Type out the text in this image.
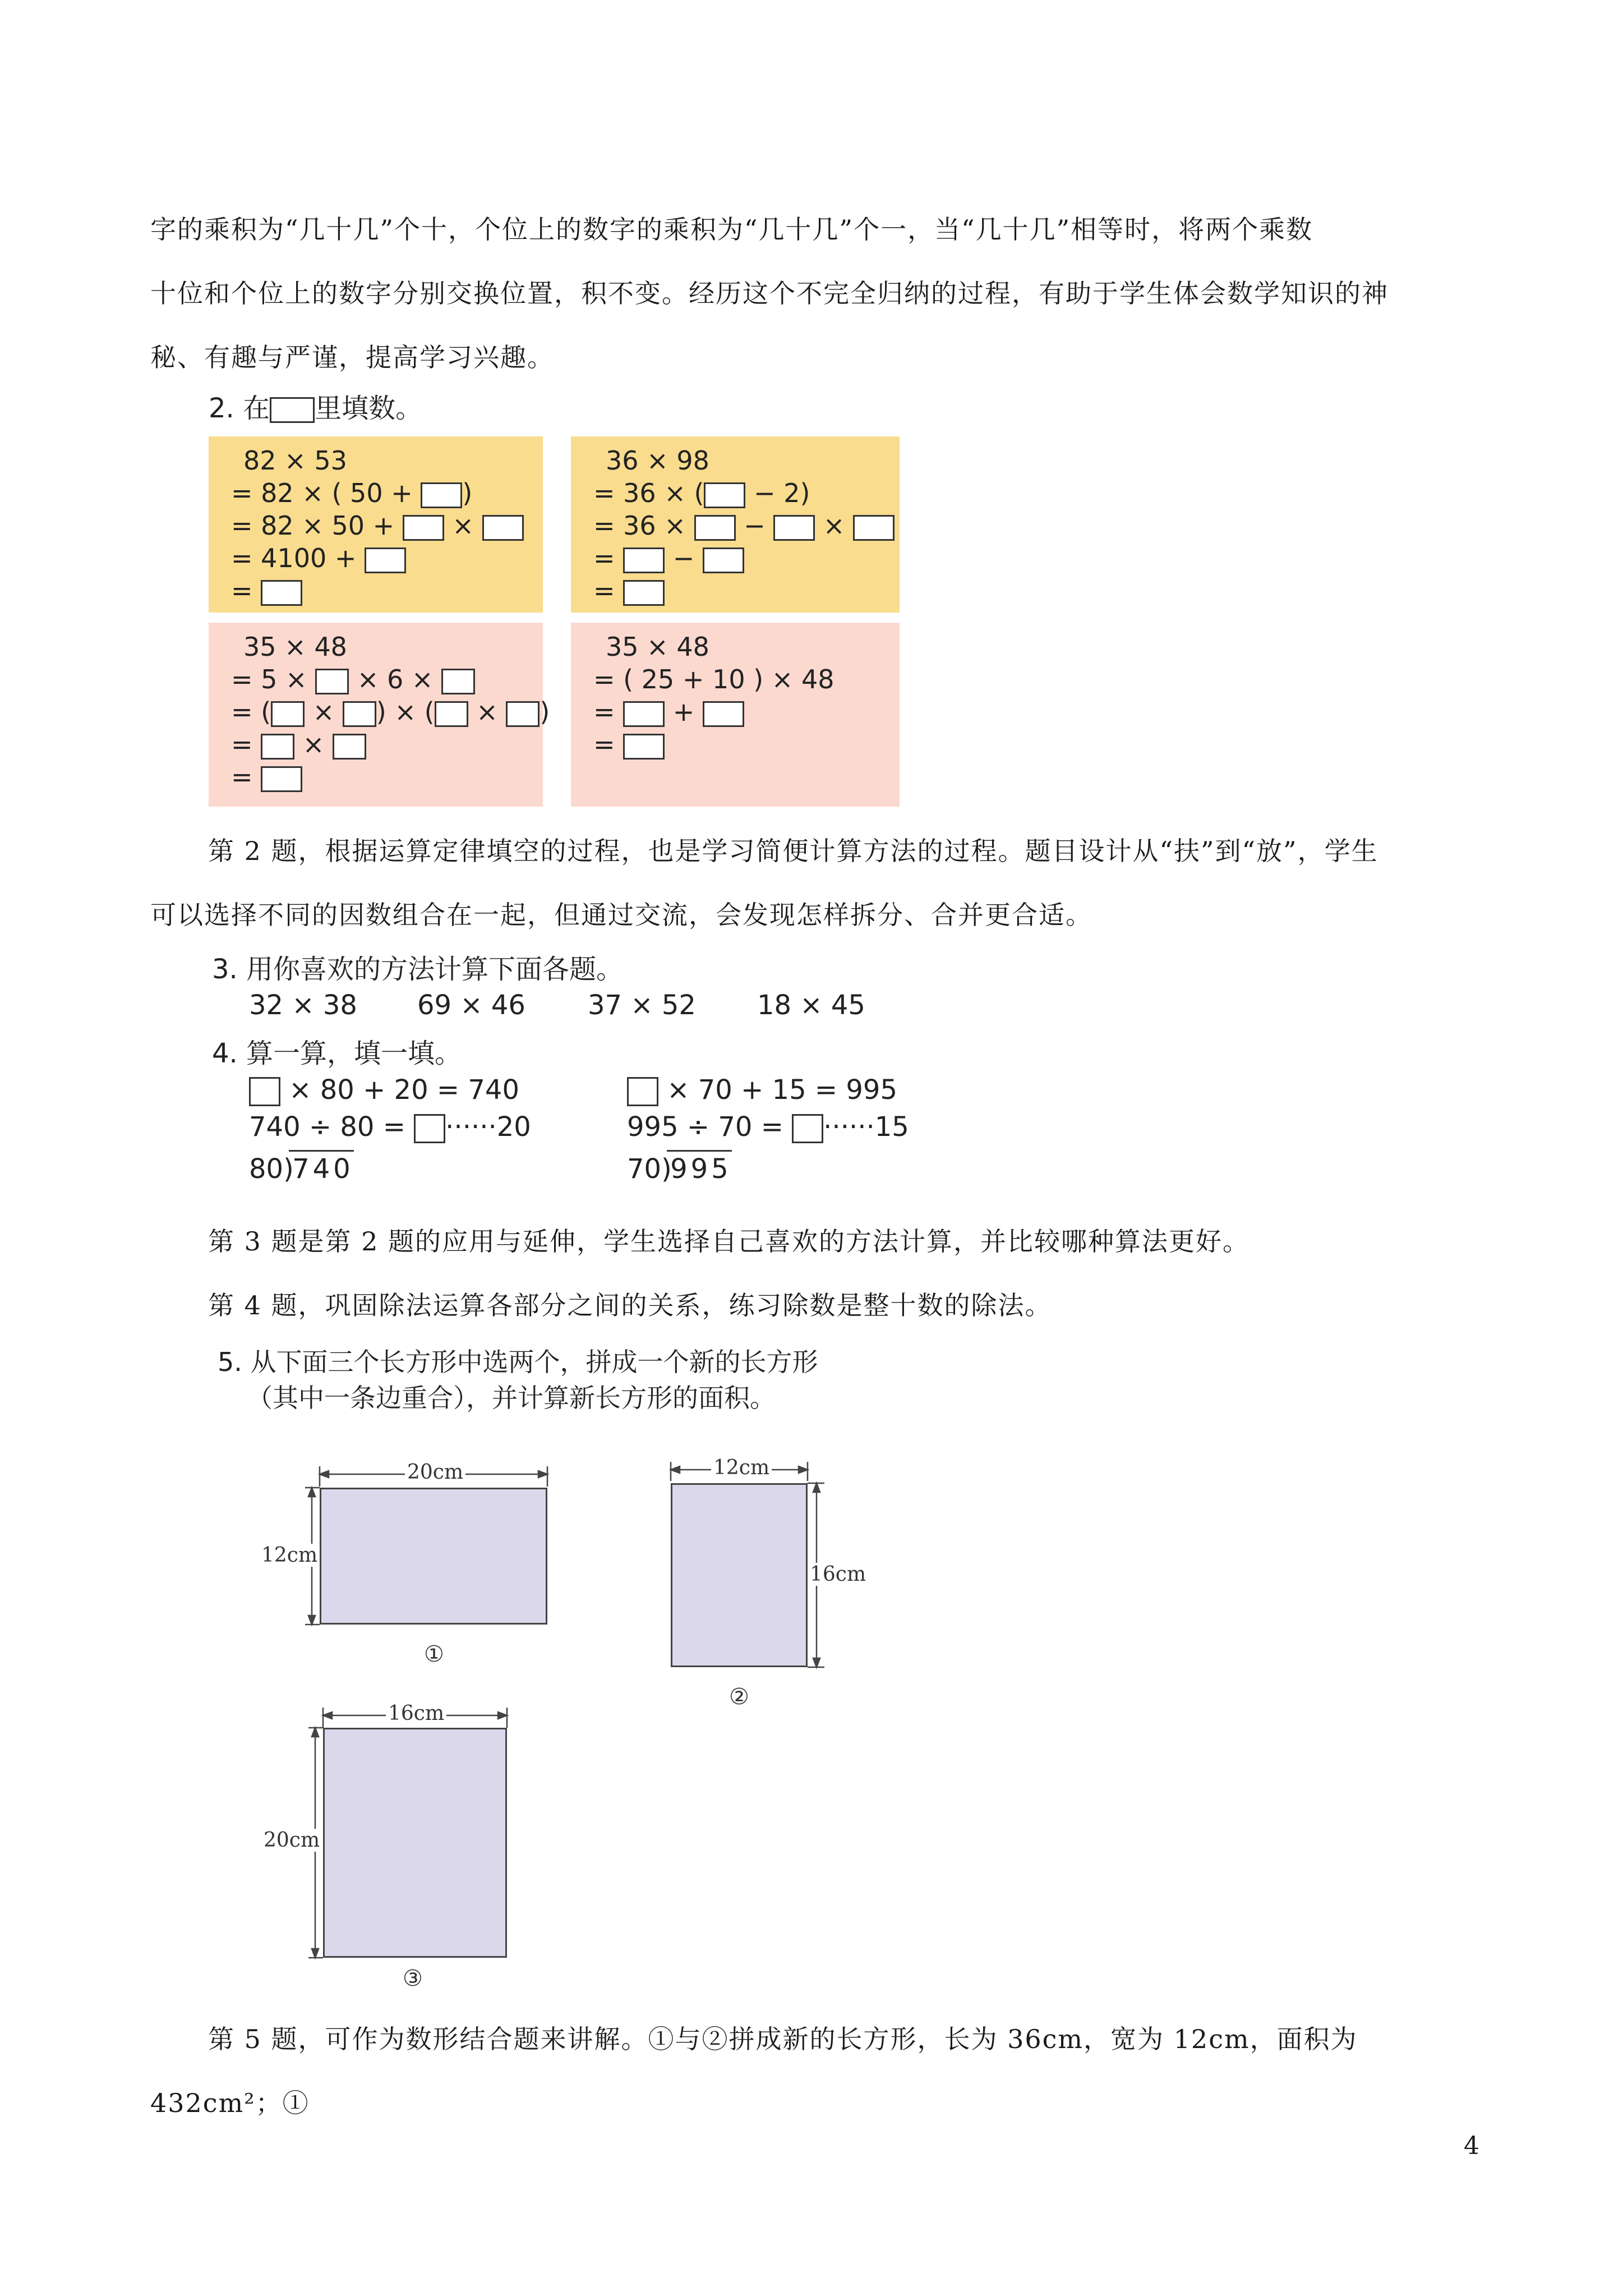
字的乘积为“几十几”个十，个位上的数字的乘积为“几十几”个一，当“几十几”相等时，将两个乘数

十位和个位上的数字分别交换位置，积不变。经历这个不完全归纳的过程，有助于学生体会数学知识的神

秘、有趣与严谨，提高学习兴趣。

2. 在 里填数。
82 × 53
= 82 × ( 50 + )
= 82 × 50 +  ×
= 4100 +
=
36 × 98
= 36 × ( − 2)
= 36 ×  −  ×
=  −
=
35 × 48
= 5 ×  × 6 ×
= ( × ) × ( × )
=  ×
=
35 × 48
= ( 25 + 10 ) × 48
=  +
=

第 2 题，根据运算定律填空的过程，也是学习简便计算方法的过程。题目设计从“扶”到“放”，学生

可以选择不同的因数组合在一起，但通过交流，会发现怎样拆分、合并更合适。

3. 用你喜欢的方法计算下面各题。
32 × 38 69 × 46 37 × 52 18 × 45
4. 算一算，填一填。
× 80 + 20 = 740
740 ÷ 80 = ······20
80)740
× 70 + 15 = 995
995 ÷ 70 = ······15
70)995

第 3 题是第 2 题的应用与延伸，学生选择自己喜欢的方法计算，并比较哪种算法更好。

第 4 题，巩固除法运算各部分之间的关系，练习除数是整十数的除法。

5. 从下面三个长方形中选两个，拼成一个新的长方形
（其中一条边重合），并计算新长方形的面积。
20cm
12cm
①
12cm
16cm
②
16cm
20cm
③

第 5 题，可作为数形结合题来讲解。①与②拼成新的长方形，长为 36cm，宽为 12cm，面积为 432cm²；①

4
